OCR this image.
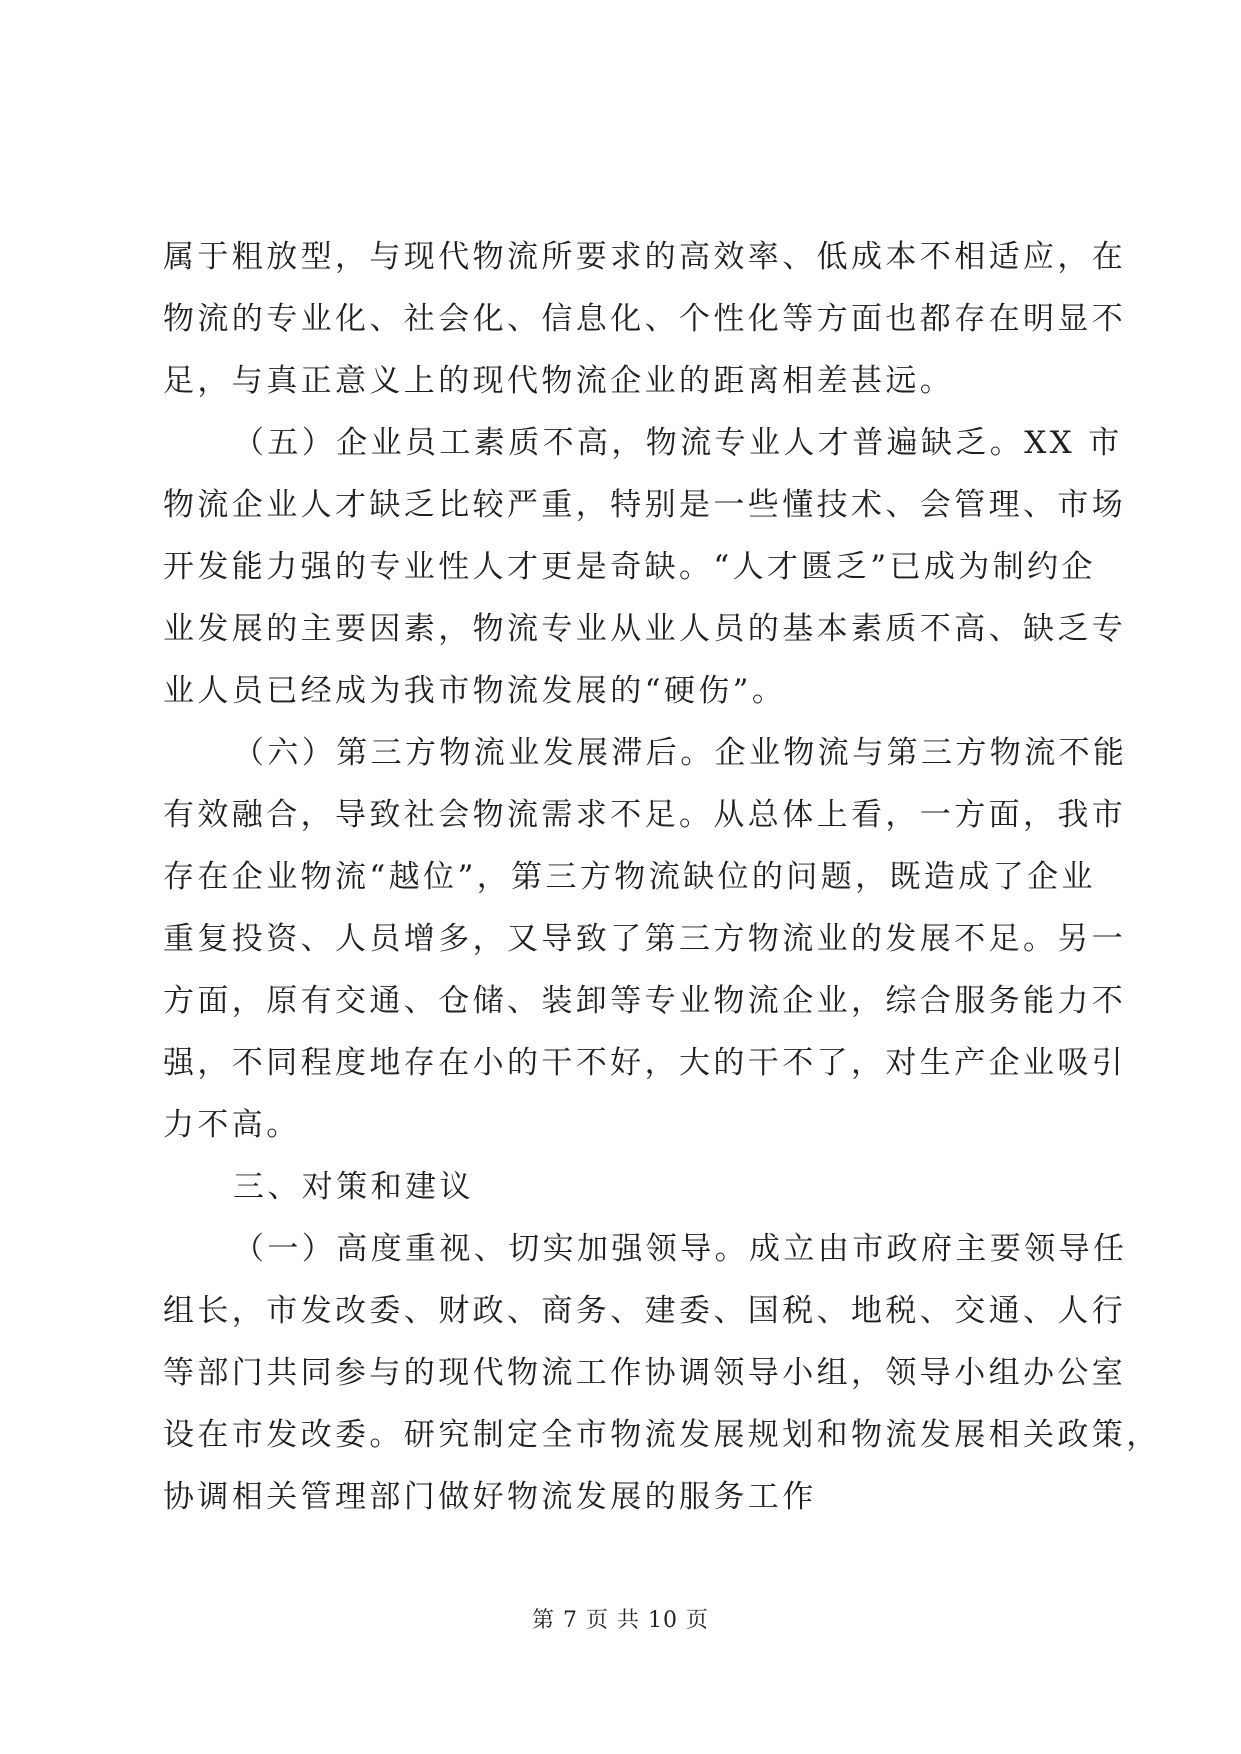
属于粗放型，与现代物流所要求的高效率、低成本不相适应，在
物流的专业化、社会化、信息化、个性化等方面也都存在明显不
足，与真正意义上的现代物流企业的距离相差甚远。
（五）企业员工素质不高，物流专业人才普遍缺乏。XX 市
物流企业人才缺乏比较严重，特别是一些懂技术、会管理、市场
开发能力强的专业性人才更是奇缺。“人才匮乏”已成为制约企
业发展的主要因素，物流专业从业人员的基本素质不高、缺乏专
业人员已经成为我市物流发展的“硬伤”。
（六）第三方物流业发展滞后。企业物流与第三方物流不能
有效融合，导致社会物流需求不足。从总体上看，一方面，我市
存在企业物流“越位”，第三方物流缺位的问题，既造成了企业
重复投资、人员增多，又导致了第三方物流业的发展不足。另一
方面，原有交通、仓储、装卸等专业物流企业，综合服务能力不
强，不同程度地存在小的干不好，大的干不了，对生产企业吸引
力不高。
三、对策和建议
（一）高度重视、切实加强领导。成立由市政府主要领导任
组长，市发改委、财政、商务、建委、国税、地税、交通、人行
等部门共同参与的现代物流工作协调领导小组，领导小组办公室
设在市发改委。研究制定全市物流发展规划和物流发展相关政策，
协调相关管理部门做好物流发展的服务工作
第 7 页 共 10 页
